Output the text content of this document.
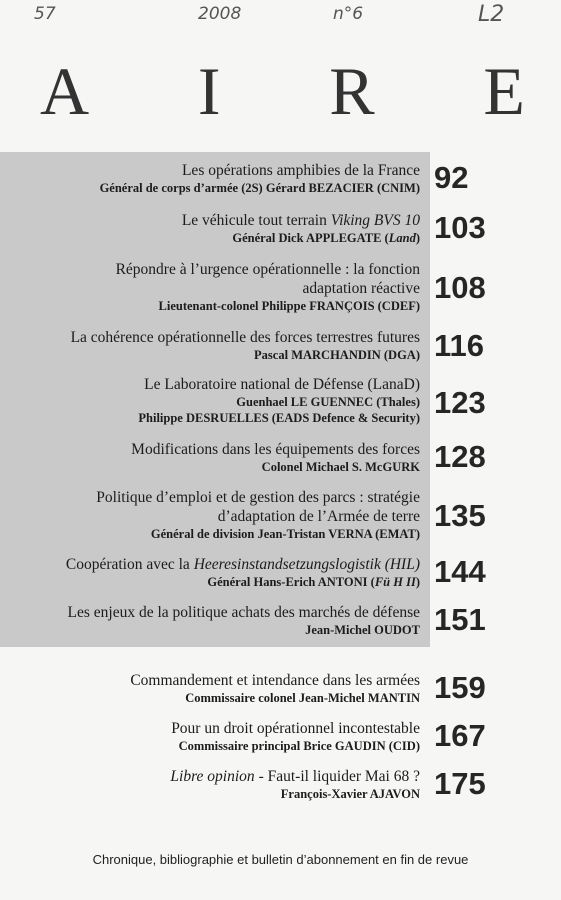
57	2008	n°6	L2
A I R E
Les opérations amphibies de la France
Général de corps d’armée (2S) Gérard BEZACIER (CNIM) 92
Le véhicule tout terrain Viking BVS 10
Général Dick APPLEGATE (Land) 103
Répondre à l’urgence opérationnelle : la fonction
adaptation réactive
Lieutenant-colonel Philippe FRANÇOIS (CDEF)
108
La cohérence opérationnelle des forces terrestres futures
Pascal MARCHANDIN (DGA) 116
Le Laboratoire national de Défense (LanaD)
Guenhael LE GUENNEC (Thales)
Philippe DESRUELLES (EADS Defence & Security) 123
Modifications dans les équipements des forces
Colonel Michael S. McGURK 128
Politique d’emploi et de gestion des parcs : stratégie
d’adaptation de l’Armée de terre
Général de division Jean-Tristan VERNA (EMAT)
135
Coopération avec la Heeresinstandsetzungslogistik (HIL)
Général Hans-Erich ANTONI (Fü H II) 144
Les enjeux de la politique achats des marchés de défense
Jean-Michel OUDOT 151
Commandement et intendance dans les armées
Commissaire colonel Jean-Michel MANTIN 159
Pour un droit opérationnel incontestable
Commissaire principal Brice GAUDIN (CID) 167
Libre opinion - Faut-il liquider Mai 68 ?
François-Xavier AJAVON 175
Chronique, bibliographie et bulletin d’abonnement en fin de revue
